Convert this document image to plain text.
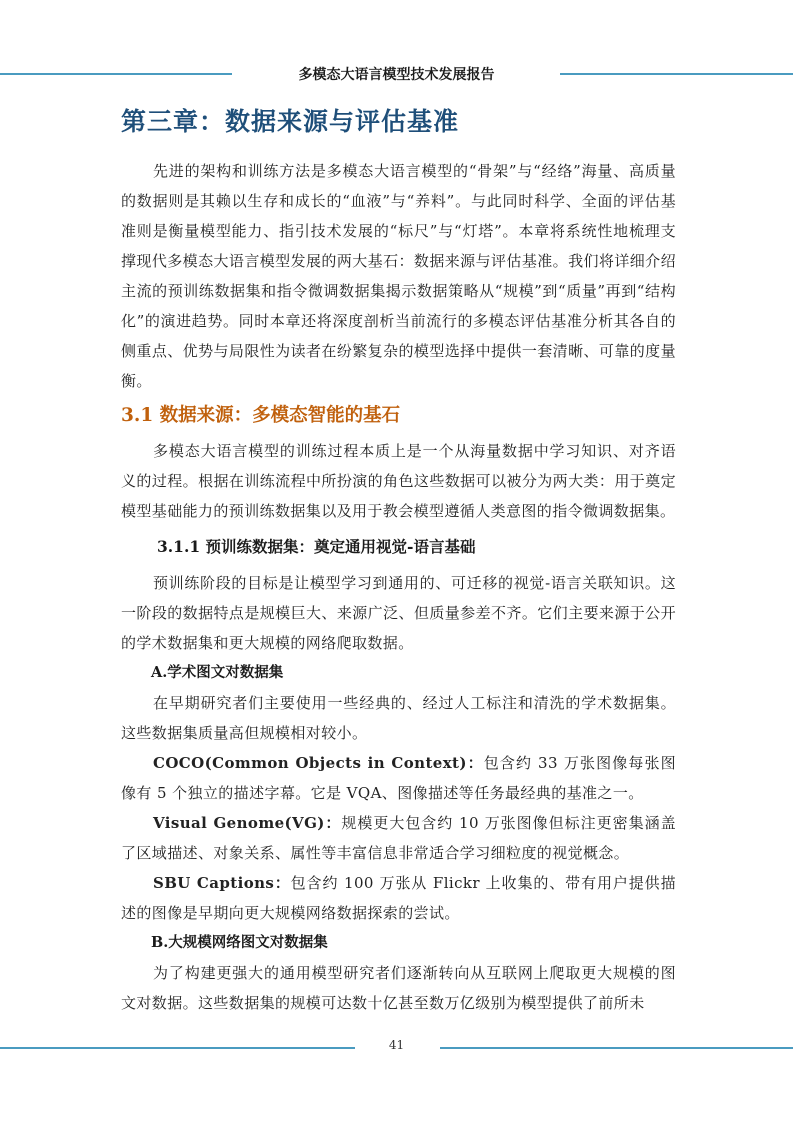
多模态大语言模型技术发展报告
第三章：数据来源与评估基准

先进的架构和训练方法是多模态大语言模型的“骨架”与“经络”海量、高质量的数据则是其赖以生存和成长的“血液”与“养料”。与此同时科学、全面的评估基准则是衡量模型能力、指引技术发展的“标尺”与“灯塔”。本章将系统性地梳理支撑现代多模态大语言模型发展的两大基石：数据来源与评估基准。我们将详细介绍主流的预训练数据集和指令微调数据集揭示数据策略从“规模”到“质量”再到“结构化”的演进趋势。同时本章还将深度剖析当前流行的多模态评估基准分析其各自的侧重点、优势与局限性为读者在纷繁复杂的模型选择中提供一套清晰、可靠的度量衡。

3.1 数据来源：多模态智能的基石

多模态大语言模型的训练过程本质上是一个从海量数据中学习知识、对齐语义的过程。根据在训练流程中所扮演的角色这些数据可以被分为两大类：用于奠定模型基础能力的预训练数据集以及用于教会模型遵循人类意图的指令微调数据集。

3.1.1 预训练数据集：奠定通用视觉-语言基础

预训练阶段的目标是让模型学习到通用的、可迁移的视觉-语言关联知识。这一阶段的数据特点是规模巨大、来源广泛、但质量参差不齐。它们主要来源于公开的学术数据集和更大规模的网络爬取数据。

A.学术图文对数据集

在早期研究者们主要使用一些经典的、经过人工标注和清洗的学术数据集。这些数据集质量高但规模相对较小。

COCO(Common Objects in Context)：包含约 33 万张图像每张图像有 5 个独立的描述字幕。它是 VQA、图像描述等任务最经典的基准之一。

Visual Genome(VG)：规模更大包含约 10 万张图像但标注更密集涵盖了区域描述、对象关系、属性等丰富信息非常适合学习细粒度的视觉概念。

SBU Captions：包含约 100 万张从 Flickr 上收集的、带有用户提供描述的图像是早期向更大规模网络数据探索的尝试。

B.大规模网络图文对数据集

为了构建更强大的通用模型研究者们逐渐转向从互联网上爬取更大规模的图文对数据。这些数据集的规模可达数十亿甚至数万亿级别为模型提供了前所未

41
